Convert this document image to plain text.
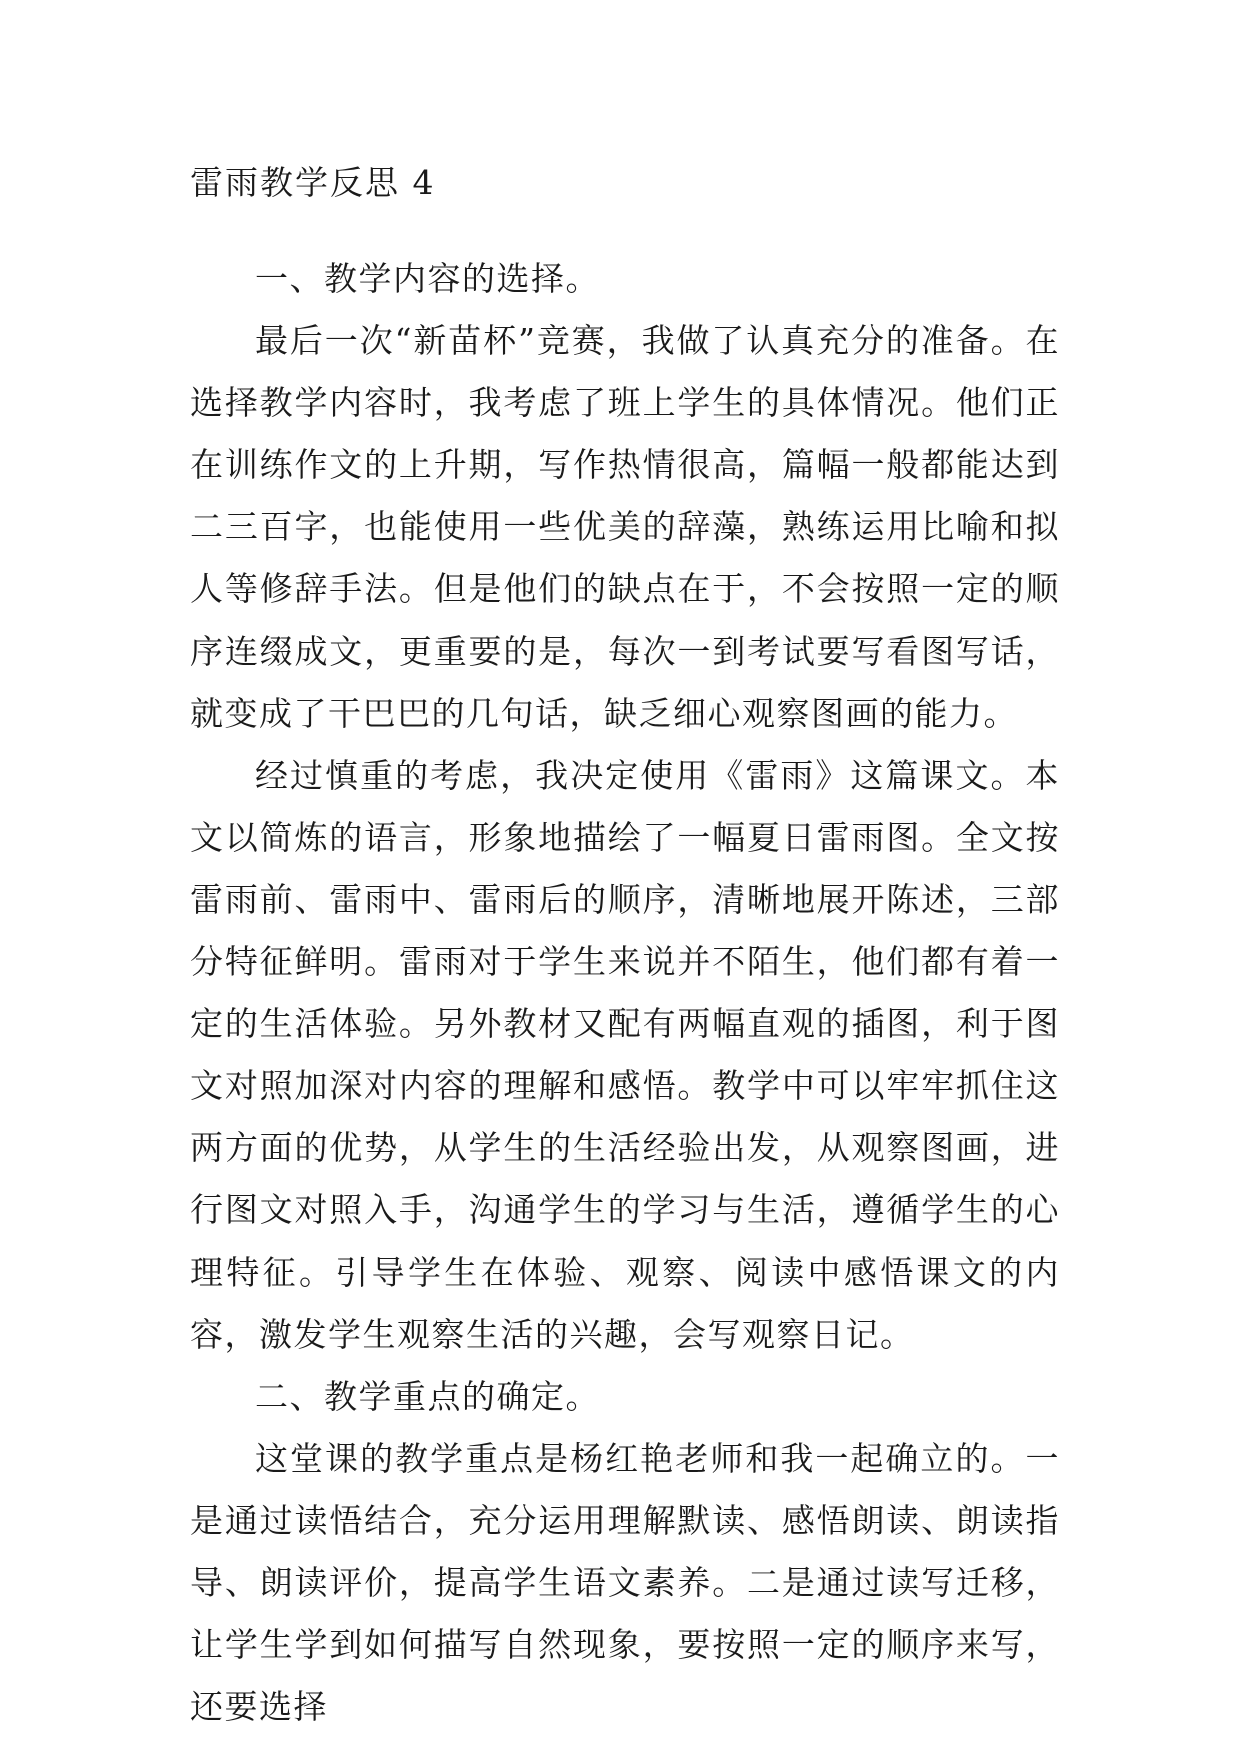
雷雨教学反思 4

一、教学内容的选择。

最后一次“新苗杯”竞赛，我做了认真充分的准备。在选择教学内容时，我考虑了班上学生的具体情况。他们正在训练作文的上升期，写作热情很高，篇幅一般都能达到二三百字，也能使用一些优美的辞藻，熟练运用比喻和拟人等修辞手法。但是他们的缺点在于，不会按照一定的顺序连缀成文，更重要的是，每次一到考试要写看图写话，就变成了干巴巴的几句话，缺乏细心观察图画的能力。

经过慎重的考虑，我决定使用《雷雨》这篇课文。本文以简炼的语言，形象地描绘了一幅夏日雷雨图。全文按雷雨前、雷雨中、雷雨后的顺序，清晰地展开陈述，三部分特征鲜明。雷雨对于学生来说并不陌生，他们都有着一定的生活体验。另外教材又配有两幅直观的插图，利于图文对照加深对内容的理解和感悟。教学中可以牢牢抓住这两方面的优势，从学生的生活经验出发，从观察图画，进行图文对照入手，沟通学生的学习与生活，遵循学生的心理特征。引导学生在体验、观察、阅读中感悟课文的内容，激发学生观察生活的兴趣，会写观察日记。

二、教学重点的确定。

这堂课的教学重点是杨红艳老师和我一起确立的。一是通过读悟结合，充分运用理解默读、感悟朗读、朗读指导、朗读评价，提高学生语文素养。二是通过读写迁移，让学生学到如何描写自然现象，要按照一定的顺序来写，还要选择
